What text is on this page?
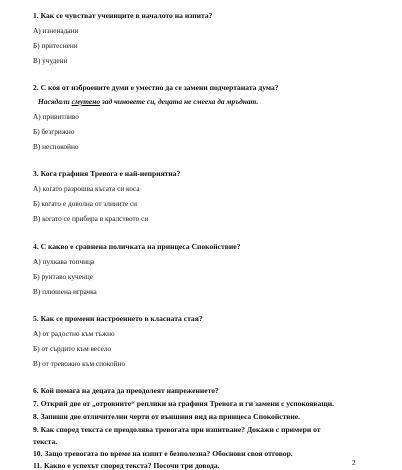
1. Как се чувстват учениците в началото на изпита?
А) изненадани
Б) притеснени
В) учудени
2. С коя от изброените думи е уместно да се замени подчертаната дума?
Насядали смутено зад чиновете си, децата не смееха да мръднат.
А) привитливо
Б) безгрижно
В) неспокойно
3. Кога графиня Тревога е най-неприятна?
А) когато разрошва късата си коса
Б) когато е доволна от злините си
В) когато се прибира в кралството си
4. С какво е сравнена поличката на принцеса Спокойствие?
А) пухкава топчица
Б) рунтаво кученце
В) плюшена играчка
5. Как се промени настроението в класната стая?
А) от радостно към тъжно
Б) от сърдито към весело
В) от тревожно към спокойно
6. Кой помага на децата да преодолеят напрежението?
7. Открий две от „отровните“ реплики на графиня Тревога и ги замени с успокояващи.
8. Запиши две отличителни черти от външния вид на принцеса Спокойствие.
9. Как според текста се преодолява тревогата при изпитване? Докажи с примери от
текста.
10. Защо тревогата по време на изпит е безполезна? Обосновн своя отговор.
11. Какво е успехът според текста? Посочи три довода.	2
